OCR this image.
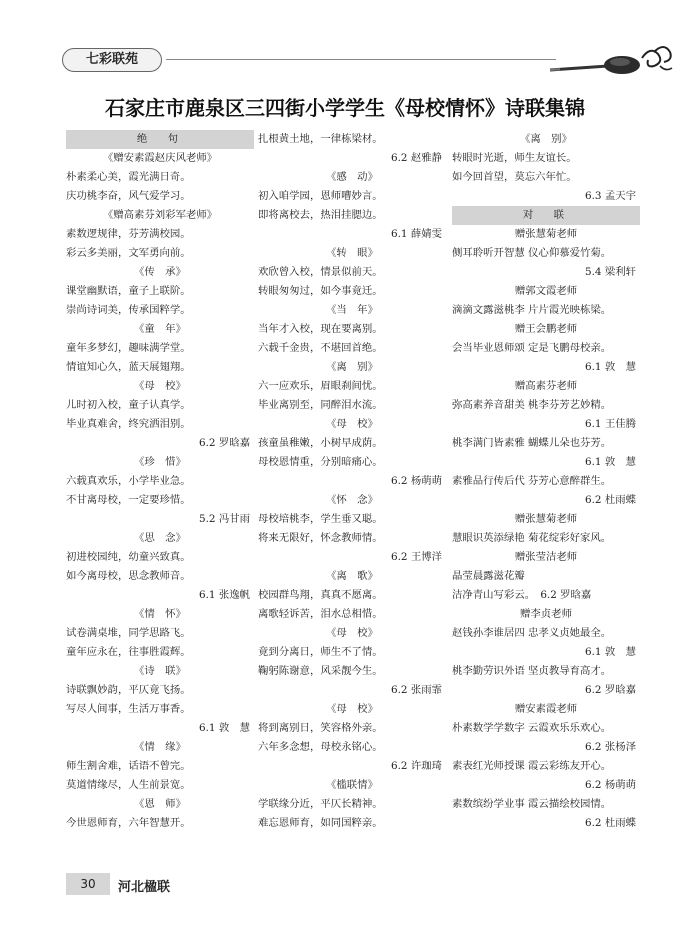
七彩联苑
石家庄市鹿泉区三四街小学学生《母校情怀》诗联集锦
绝　句
《赠安素霞赵庆风老师》
朴素柔心美，霞光满日奇。
庆功桃李奋，风气爱学习。
《赠高素芬刘彩军老师》
素数逻规律，芬芳满校园。
彩云多美丽，文军勇向前。
《传　承》
课堂幽默语，童子上联阶。
崇尚诗词美，传承国粹学。
《童　年》
童年多梦幻，趣味满学堂。
情谊知心久，蓝天展翅翔。
《母　校》
儿时初入校，童子认真学。
毕业真难舍，终究洒泪别。
6.2 罗晗嘉
《珍　惜》
六载真欢乐，小学毕业急。
不甘离母校，一定要珍惜。
5.2 冯甘雨
《思　念》
初进校园纯，幼童兴致真。
如今离母校，思念教师音。
6.1 张逸帆
《情　怀》
试卷满桌堆，同学思路飞。
童年应永在，往事胜霞辉。
《诗　联》
诗联飘妙韵，平仄竟飞扬。
写尽人间事，生活万事香。
6.1 敦　慧
《情　缘》
师生割舍难，话语不曾完。
莫道情缘尽，人生前景宽。
《恩　师》
今世恩师育，六年智慧开。
扎根黄土地，一律栋梁材。
6.2 赵雅静
《感　动》
初入咱学园，恩师嘈妙言。
即将离校去，热泪挂腮边。
6.1 薛婧雯
《转　眼》
欢欣曾入校，情景似前天。
转眼匆匆过，如今事竟迁。
《当　年》
当年才入校，现在要离别。
六载千金贵，不堪回首绝。
《离　别》
六一应欢乐，眉眼刹间忧。
毕业离别至，同醉泪水流。
《母　校》
孩童虽稚嫩，小树早成荫。
母校恩情重，分别暗痛心。
6.2 杨萌萌
《怀　念》
母校培桃李，学生垂又聪。
将来无限好，怀念教师情。
6.2 王博洋
《离　歌》
校园群鸟翔，真真不愿离。
离歌轻诉苦，泪水总相惜。
《母　校》
竟到分离日，师生不了情。
鞠躬陈谢意，风采靓今生。
6.2 张雨霏
《母　校》
将到离别日，笑容格外亲。
六年多念想，母校永铭心。
6.2 许珈琦
《槛联情》
学联缘分近，平仄长精神。
难忘恩师育，如同国粹亲。
《离　别》
转眼时光逝，师生友谊长。
如今回首望，莫忘六年忙。
6.3 孟天宇
对　联
赠张慧菊老师
侧耳聆听开智慧 仪心仰慕爱竹菊。
5.4 梁利轩
赠郭文霞老师
滴滴文露滋桃李 片片霞光映栋梁。
赠王会鹏老师
会当毕业恩师颂 定是飞鹏母校亲。
6.1 敦　慧
赠高素芬老师
弥高素养音甜美 桃李芬芳艺妙精。
6.1 王佳腾
桃李满门皆素雅 蝴蝶儿朵也芬芳。
6.1 敦　慧
素雅品行传后代 芬芳心意醉群生。
6.2 杜雨蝶
赠张慧菊老师
慧眼识英添绿艳 菊花绽彩好家风。
赠张莹洁老师
晶莹晨露滋花瓣
洁净青山写彩云。　6.2 罗晗嘉
赠李贞老师
赵钱孙李谁居四 忠孝义贞她最全。
6.1 敦　慧
桃李勤劳识外语 坚贞教导育高才。
6.2 罗晗嘉
赠安素霞老师
朴素数学学数字 云霞欢乐乐欢心。
6.2 张杨泽
素表红光师授课 霞云彩练友开心。
6.2 杨萌萌
素数缤纷学业事 霞云描绘校园情。
6.2 杜雨蝶
30	河北楹联
